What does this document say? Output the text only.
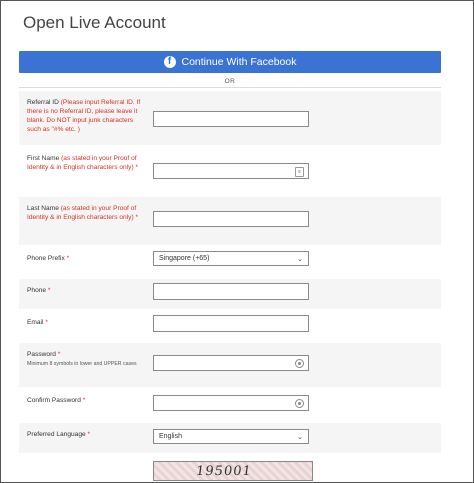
Open Live Account
f Continue With Facebook
OR
Referral ID (Please input Referral ID. If there is no Referral ID, please leave it blank. Do NOT input junk characters such as "#% etc. )
First Name (as stated in your Proof of Identity & in English characters only) *
≡
Last Name (as stated in your Proof of Identity & in English characters only) *
Phone Prefix *	Singapore (+65)	⌄
Phone *
Email *
Password *
Minimum 8 symbols in lower and UPPER cases
Confirm Password *
Preferred Language *	English	⌄
195001
